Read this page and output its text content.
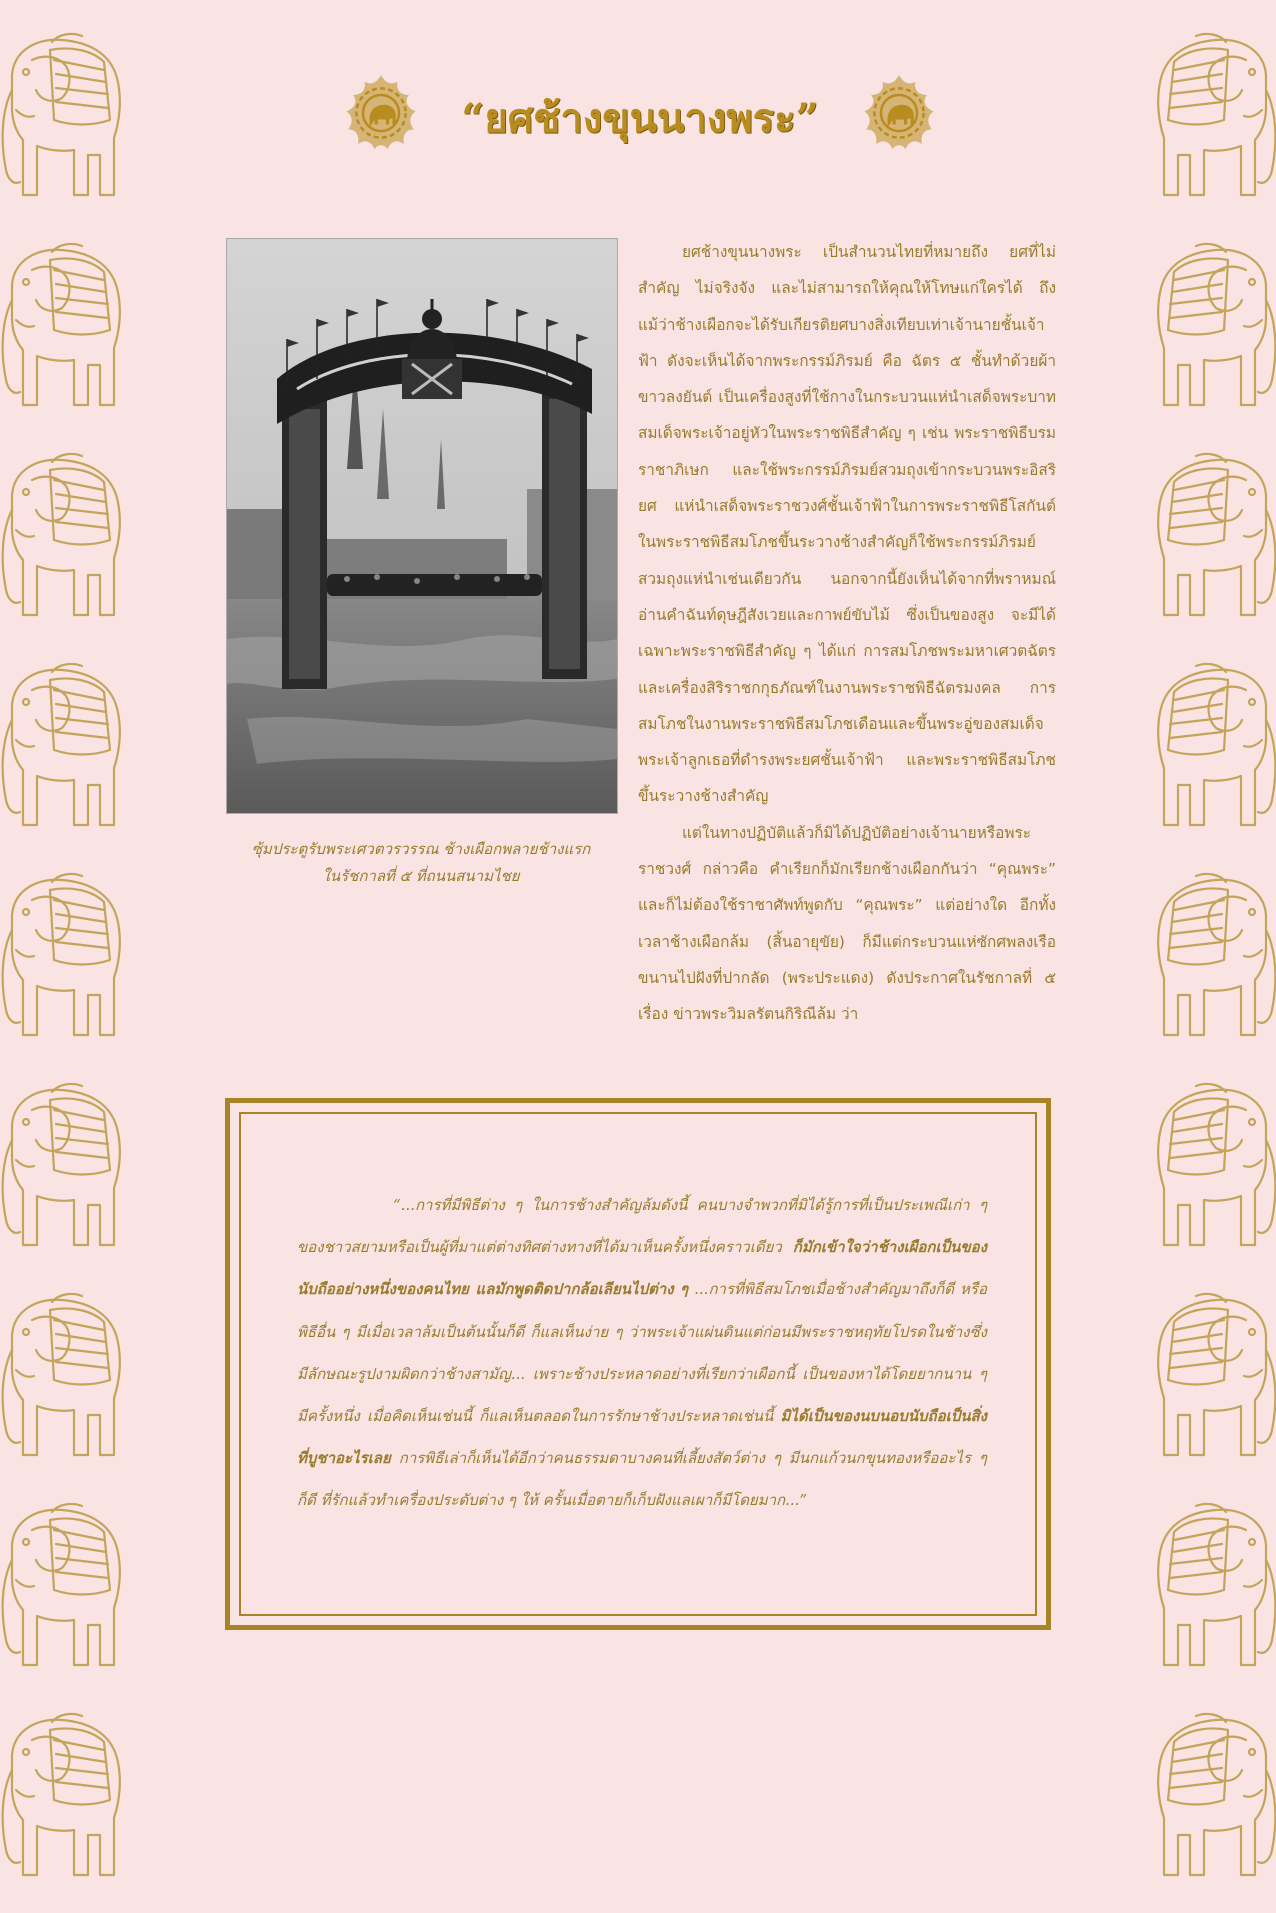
“ยศช้างขุนนางพระ”
ซุ้มประตูรับพระเศวตวรวรรณ ช้างเผือกพลายช้างแรก
ในรัชกาลที่ ๕ ที่ถนนสนามไชย

ยศช้างขุนนางพระ เป็นสำนวนไทยที่หมายถึง ยศที่ไม่สำคัญ ไม่จริงจัง และไม่สามารถให้คุณให้โทษแก่ใครได้ ถึงแม้ว่าช้างเผือกจะได้รับเกียรติยศบางสิ่งเทียบเท่าเจ้านายชั้นเจ้าฟ้า ดังจะเห็นได้จากพระกรรม์ภิรมย์ คือ ฉัตร ๕ ชั้นทำด้วยผ้าขาวลงยันต์ เป็นเครื่องสูงที่ใช้กางในกระบวนแห่นำเสด็จพระบาทสมเด็จพระเจ้าอยู่หัวในพระราชพิธีสำคัญ ๆ เช่น พระราชพิธีบรมราชาภิเษก และใช้พระกรรม์ภิรมย์สวมถุงเข้ากระบวนพระอิสริยศ แห่นำเสด็จพระราชวงศ์ชั้นเจ้าฟ้าในการพระราชพิธีโสกันต์ ในพระราชพิธีสมโภชขึ้นระวางช้างสำคัญก็ใช้พระกรรม์ภิรมย์สวมถุงแห่นำเช่นเดียวกัน นอกจากนี้ยังเห็นได้จากที่พราหมณ์อ่านคำฉันท์ดุษฎีสังเวยและกาพย์ขับไม้ ซึ่งเป็นของสูง จะมีได้เฉพาะพระราชพิธีสำคัญ ๆ ได้แก่ การสมโภชพระมหาเศวตฉัตรและเครื่องสิริราชกกุธภัณฑ์ในงานพระราชพิธีฉัตรมงคล การสมโภชในงานพระราชพิธีสมโภชเดือนและขึ้นพระอู่ของสมเด็จพระเจ้าลูกเธอที่ดำรงพระยศชั้นเจ้าฟ้า และพระราชพิธีสมโภชขึ้นระวางช้างสำคัญ

แต่ในทางปฏิบัติแล้วก็มิได้ปฏิบัติอย่างเจ้านายหรือพระราชวงศ์ กล่าวคือ คำเรียกก็มักเรียกช้างเผือกกันว่า “คุณพระ” และก็ไม่ต้องใช้ราชาศัพท์พูดกับ “คุณพระ” แต่อย่างใด อีกทั้งเวลาช้างเผือกล้ม (สิ้นอายุขัย) ก็มีแต่กระบวนแห่ซักศพลงเรือขนานไปฝังที่ปากลัด (พระประแดง) ดังประกาศในรัชกาลที่ ๕ เรื่อง ข่าวพระวิมลรัตนกิริณีล้ม ว่า

“...การที่มีพิธีต่าง ๆ ในการช้างสำคัญล้มดังนี้ คนบางจำพวกที่มิได้รู้การที่เป็นประเพณีเก่า ๆ ของชาวสยามหรือเป็นผู้ที่มาแต่ต่างทิศต่างทางที่ได้มาเห็นครั้งหนึ่งคราวเดียว ก็มักเข้าใจว่าช้างเผือกเป็นของนับถืออย่างหนึ่งของคนไทย แลมักพูดติดปากล้อเลียนไปต่าง ๆ ...การที่พิธีสมโภชเมื่อช้างสำคัญมาถึงก็ดี หรือพิธีอื่น ๆ มีเมื่อเวลาล้มเป็นต้นนั้นก็ดี ก็แลเห็นง่าย ๆ ว่าพระเจ้าแผ่นดินแต่ก่อนมีพระราชหฤทัยโปรดในช้างซึ่งมีลักษณะรูปงามผิดกว่าช้างสามัญ... เพราะช้างประหลาดอย่างที่เรียกว่าเผือกนี้ เป็นของหาได้โดยยากนาน ๆ มีครั้งหนึ่ง เมื่อคิดเห็นเช่นนี้ ก็แลเห็นตลอดในการรักษาช้างประหลาดเช่นนี้ มิได้เป็นของนบนอบนับถือเป็นสิ่งที่บูชาอะไรเลย การพิธีเล่าก็เห็นได้อีกว่าคนธรรมดาบางคนที่เลี้ยงสัตว์ต่าง ๆ มีนกแก้วนกขุนทองหรืออะไร ๆ ก็ดี ที่รักแล้วทำเครื่องประดับต่าง ๆ ให้ ครั้นเมื่อตายก็เก็บฝังแลเผาก็มีโดยมาก...”
